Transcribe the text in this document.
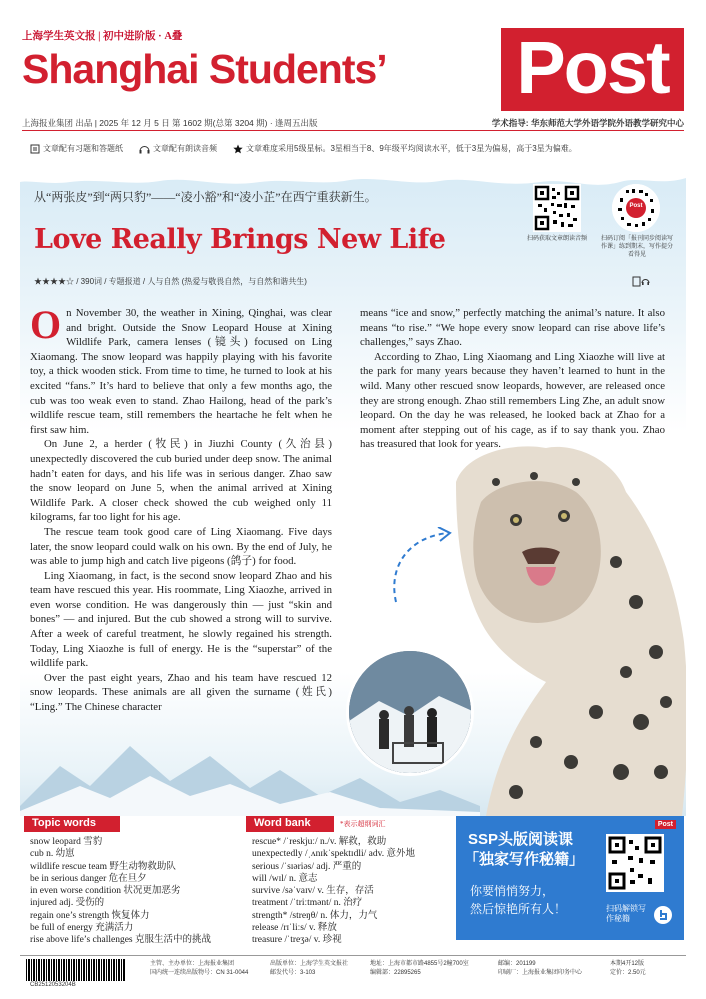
上海学生英文报 | 初中进阶版 · A叠
Shanghai Students’ Post
上海报业集团 出品 | 2025 年 12 月 5 日 第 1602 期(总第 3204 期) · 逢周五出版	学术指导: 华东师范大学外语学院外语教学研究中心
文章配有习题和答题纸	文章配有朗读音频	文章难度采用5级星标。3星相当于8、9年级平均阅读水平，低于3星为偏易，高于3星为偏难。
从“两张皮”到“两只豹”——“凌小豁”和“凌小芷”在西宁重获新生。
Love Really Brings New Life
★★★★☆ / 390词 / 专题报道 / 人与自然 (热爱与敬畏自然，与自然和谐共生)
扫码获取文章朗读音频
Post
扫码订阅「报刊同步阅读写作课」练到期末，写作提分看得见

On November 30, the weather in Xining, Qinghai, was clear and bright. Outside the Snow Leopard House at Xining Wildlife Park, camera lenses (镜头) focused on Ling Xiaomang. The snow leopard was happily playing with his favorite toy, a thick wooden stick. From time to time, he turned to look at his excited “fans.” It’s hard to believe that only a few months ago, the cub was too weak even to stand. Zhao Hailong, head of the park’s wildlife rescue team, still remembers the heartache he felt when he first saw him.

On June 2, a herder (牧民) in Jiuzhi County (久治县) unexpectedly discovered the cub buried under deep snow. The animal hadn’t eaten for days, and his life was in serious danger. Zhao saw the snow leopard on June 5, when the animal arrived at Xining Wildlife Park. A closer check showed the cub weighed only 11 kilograms, far too light for his age.

The rescue team took good care of Ling Xiaomang. Five days later, the snow leopard could walk on his own. By the end of July, he was able to jump high and catch live pigeons (鸽子) for food.

Ling Xiaomang, in fact, is the second snow leopard Zhao and his team have rescued this year. His roommate, Ling Xiaozhe, arrived in even worse condition. He was dangerously thin — just “skin and bones” — and injured. But the cub showed a strong will to survive. After a week of careful treatment, he slowly regained his strength. Today, Ling Xiaozhe is full of energy. He is the “superstar” of the wildlife park.

Over the past eight years, Zhao and his team have rescued 12 snow leopards. These animals are all given the surname (姓氏) “Ling.” The Chinese character

means “ice and snow,” perfectly matching the animal’s nature. It also means “to rise.” “We hope every snow leopard can rise above life’s challenges,” says Zhao.

According to Zhao, Ling Xiaomang and Ling Xiaozhe will live at the park for many years because they haven’t learned to hunt in the wild. Many other rescued snow leopards, however, are released once they are strong enough. Zhao still remembers Ling Zhe, an adult snow leopard. On the day he was released, he looked back at Zhao for a moment after stepping out of his cage, as if to say thank you. Zhao has treasured that look for years.

Topic words
snow leopard 雪豹
cub n. 幼崽
wildlife rescue team 野生动物救助队
be in serious danger 危在旦夕
in even worse condition 状况更加恶劣
injured adj. 受伤的
regain one’s strength 恢复体力
be full of energy 充满活力
rise above life’s challenges 克服生活中的挑战
Word bank	*表示超纲词汇
rescue* /ˈreskjuː/ n./v. 解救，救助
unexpectedly /ˌʌnɪkˈspektɪdli/ adv. 意外地
serious /ˈsɪəriəs/ adj. 严重的
will /wɪl/ n. 意志
survive /səˈvaɪv/ v. 生存，存活
treatment /ˈtriːtmənt/ n. 治疗
strength* /streŋθ/ n. 体力，力气
release /rɪˈliːs/ v. 释放
treasure /ˈtreʒə/ v. 珍视
Post
SSP头版阅读课
「独家写作秘籍」
你要悄悄努力，
然后惊艳所有人！	扫码解锁写作秘籍
CB2512053204B
主管、主办单位：上海报业集团
国内统一连续出版物号：CN 31-0044
出版单位：上海学生英文报社
邮发代号：3-103
地址：上海市都市路4855号2幢700室
编辑部：22895265
邮编：201199
印刷厂：上海报业集团印务中心
本期4开12版
定价：2.50元
